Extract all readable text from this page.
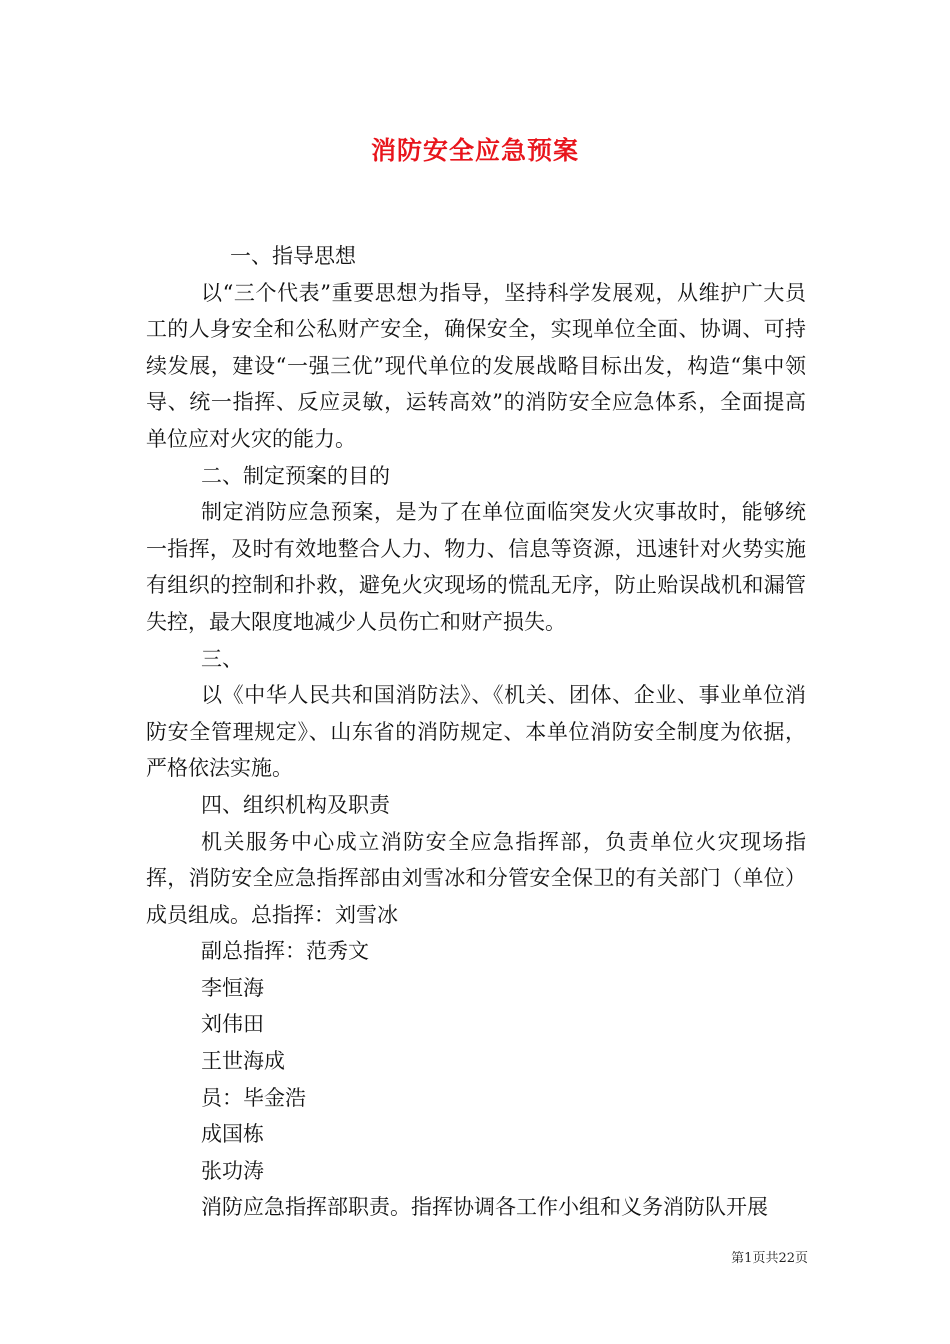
消防安全应急预案

一、指导思想

以“三个代表”重要思想为指导，坚持科学发展观，从维护广大员工的人身安全和公私财产安全，确保安全，实现单位全面、协调、可持续发展，建设“一强三优”现代单位的发展战略目标出发，构造“集中领导、统一指挥、反应灵敏，运转高效”的消防安全应急体系，全面提高单位应对火灾的能力。

二、制定预案的目的

制定消防应急预案，是为了在单位面临突发火灾事故时，能够统一指挥，及时有效地整合人力、物力、信息等资源，迅速针对火势实施有组织的控制和扑救，避免火灾现场的慌乱无序，防止贻误战机和漏管失控，最大限度地减少人员伤亡和财产损失。

三、

以《中华人民共和国消防法》、《机关、团体、企业、事业单位消防安全管理规定》、山东省的消防规定、本单位消防安全制度为依据，严格依法实施。

四、组织机构及职责

机关服务中心成立消防安全应急指挥部，负责单位火灾现场指挥，消防安全应急指挥部由刘雪冰和分管安全保卫的有关部门（单位）成员组成。总指挥：刘雪冰

副总指挥：范秀文

李恒海

刘伟田

王世海成

员：毕金浩

成国栋

张功涛

消防应急指挥部职责。指挥协调各工作小组和义务消防队开展

第1页共22页
